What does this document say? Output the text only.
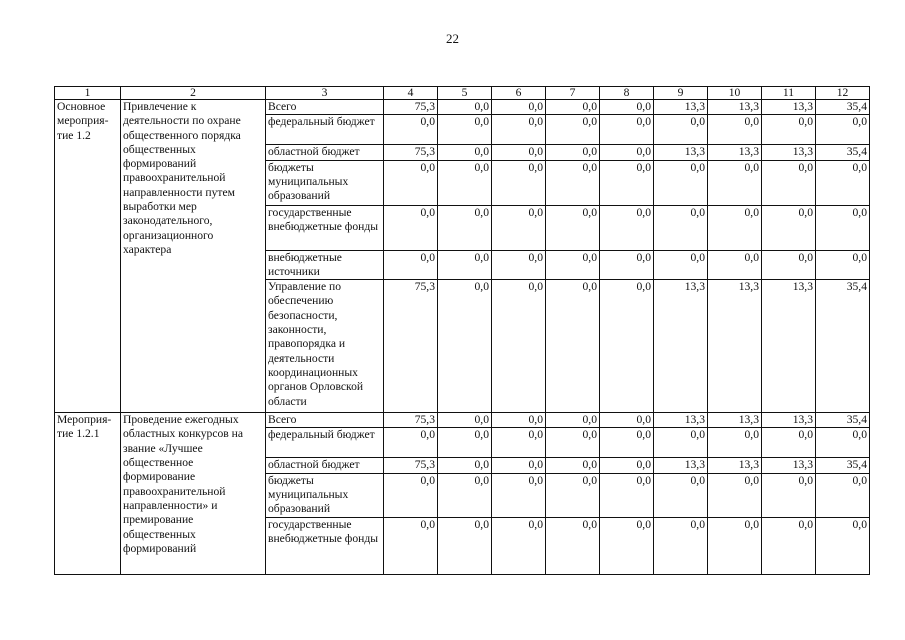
22
1	2	3	4	5	6	7	8	9	10	11	12
Основное мероприя-тие 1.2	Привлечение к деятельности по охране общественного порядка общественных формирований правоохранительной направленности путем выработки мер законодательного, организационного характера	Всего	75,3	0,0	0,0	0,0	0,0	13,3	13,3	13,3	35,4
		федеральный бюджет	0,0	0,0	0,0	0,0	0,0	0,0	0,0	0,0	0,0
		областной бюджет	75,3	0,0	0,0	0,0	0,0	13,3	13,3	13,3	35,4
		бюджеты муниципальных образований	0,0	0,0	0,0	0,0	0,0	0,0	0,0	0,0	0,0
		государственные внебюджетные фонды	0,0	0,0	0,0	0,0	0,0	0,0	0,0	0,0	0,0
		внебюджетные источники	0,0	0,0	0,0	0,0	0,0	0,0	0,0	0,0	0,0
		Управление по обеспечению безопасности, законности, правопорядка и деятельности координационных органов Орловской области	75,3	0,0	0,0	0,0	0,0	13,3	13,3	13,3	35,4
Мероприя-тие 1.2.1	Проведение ежегодных областных конкурсов на звание «Лучшее общественное формирование правоохранительной направленности» и премирование общественных формирований	Всего	75,3	0,0	0,0	0,0	0,0	13,3	13,3	13,3	35,4
		федеральный бюджет	0,0	0,0	0,0	0,0	0,0	0,0	0,0	0,0	0,0
		областной бюджет	75,3	0,0	0,0	0,0	0,0	13,3	13,3	13,3	35,4
		бюджеты муниципальных образований	0,0	0,0	0,0	0,0	0,0	0,0	0,0	0,0	0,0
		государственные внебюджетные фонды	0,0	0,0	0,0	0,0	0,0	0,0	0,0	0,0	0,0
